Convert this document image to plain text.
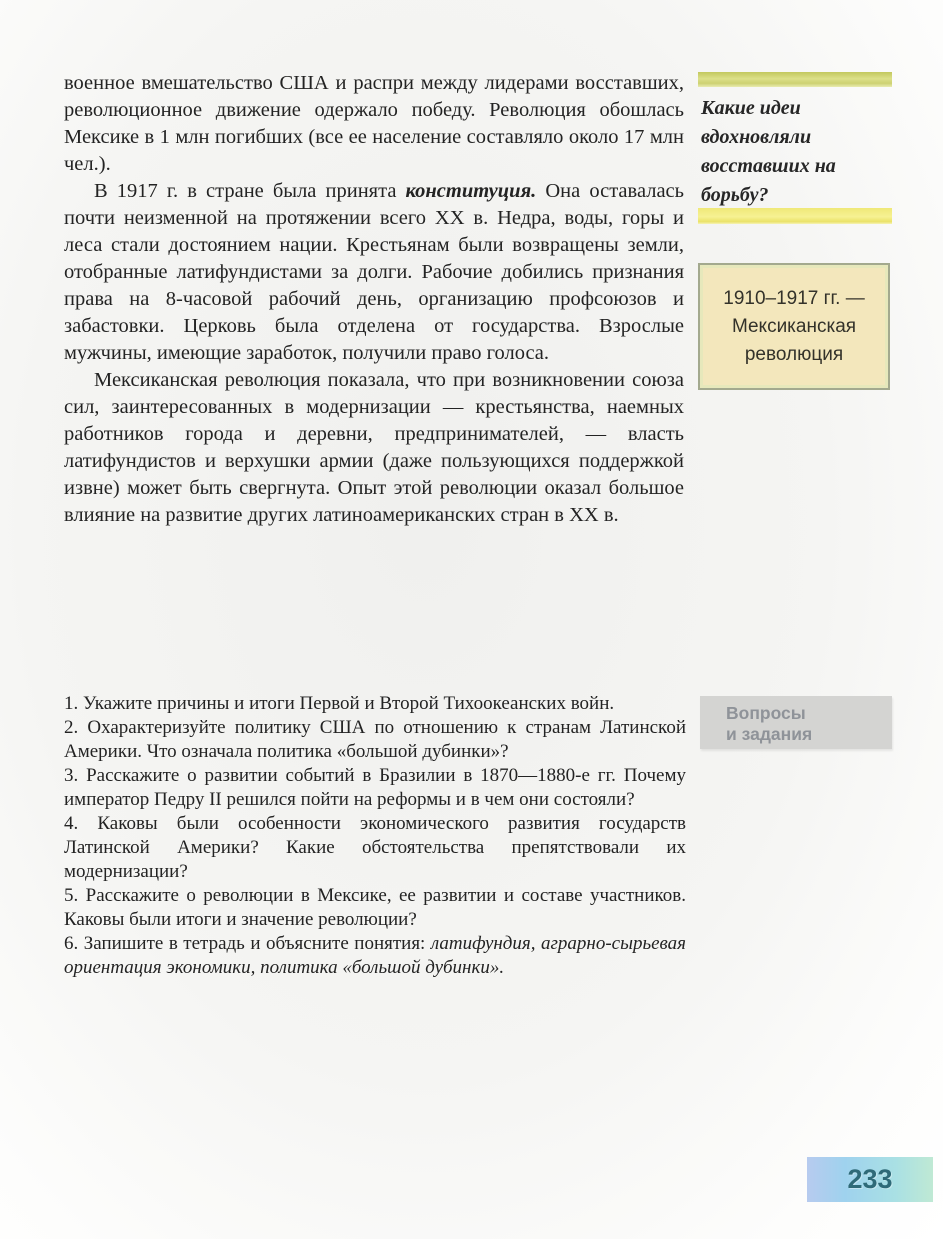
военное вмешательство США и распри между лидерами восставших, революционное движение одержало победу. Революция обошлась Мексике в 1 млн погибших (все ее население составляло около 17 млн чел.).

В 1917 г. в стране была принята конституция. Она оставалась почти неизменной на протяжении всего XX в. Недра, воды, горы и леса стали достоянием нации. Крестьянам были возвращены земли, отобранные латифундистами за долги. Рабочие добились признания права на 8-часовой рабочий день, организацию профсоюзов и забастовки. Церковь была отделена от государства. Взрослые мужчины, имеющие заработок, получили право голоса.

Мексиканская революция показала, что при возникновении союза сил, заинтересованных в модернизации — крестьянства, наемных работников города и деревни, предпринимателей, — власть латифундистов и верхушки армии (даже пользующихся поддержкой извне) может быть свергнута. Опыт этой революции оказал большое влияние на развитие других латиноамериканских стран в XX в.

1. Укажите причины и итоги Первой и Второй Тихоокеанских войн.

2. Охарактеризуйте политику США по отношению к странам Латинской Америки. Что означала политика «большой дубинки»?

3. Расскажите о развитии событий в Бразилии в 1870—1880-е гг. Почему император Педру II решился пойти на реформы и в чем они состояли?

4. Каковы были особенности экономического развития государств Латинской Америки? Какие обстоятельства препятствовали их модернизации?

5. Расскажите о революции в Мексике, ее развитии и составе участников. Каковы были итоги и значение революции?

6. Запишите в тетрадь и объясните понятия: латифундия, аграрно-сырьевая ориентация экономики, политика «большой дубинки».

Какие идеи вдохновляли восставших на борьбу?
1910–1917 гг. — Мексиканская революция
Вопросы
и задания
233
